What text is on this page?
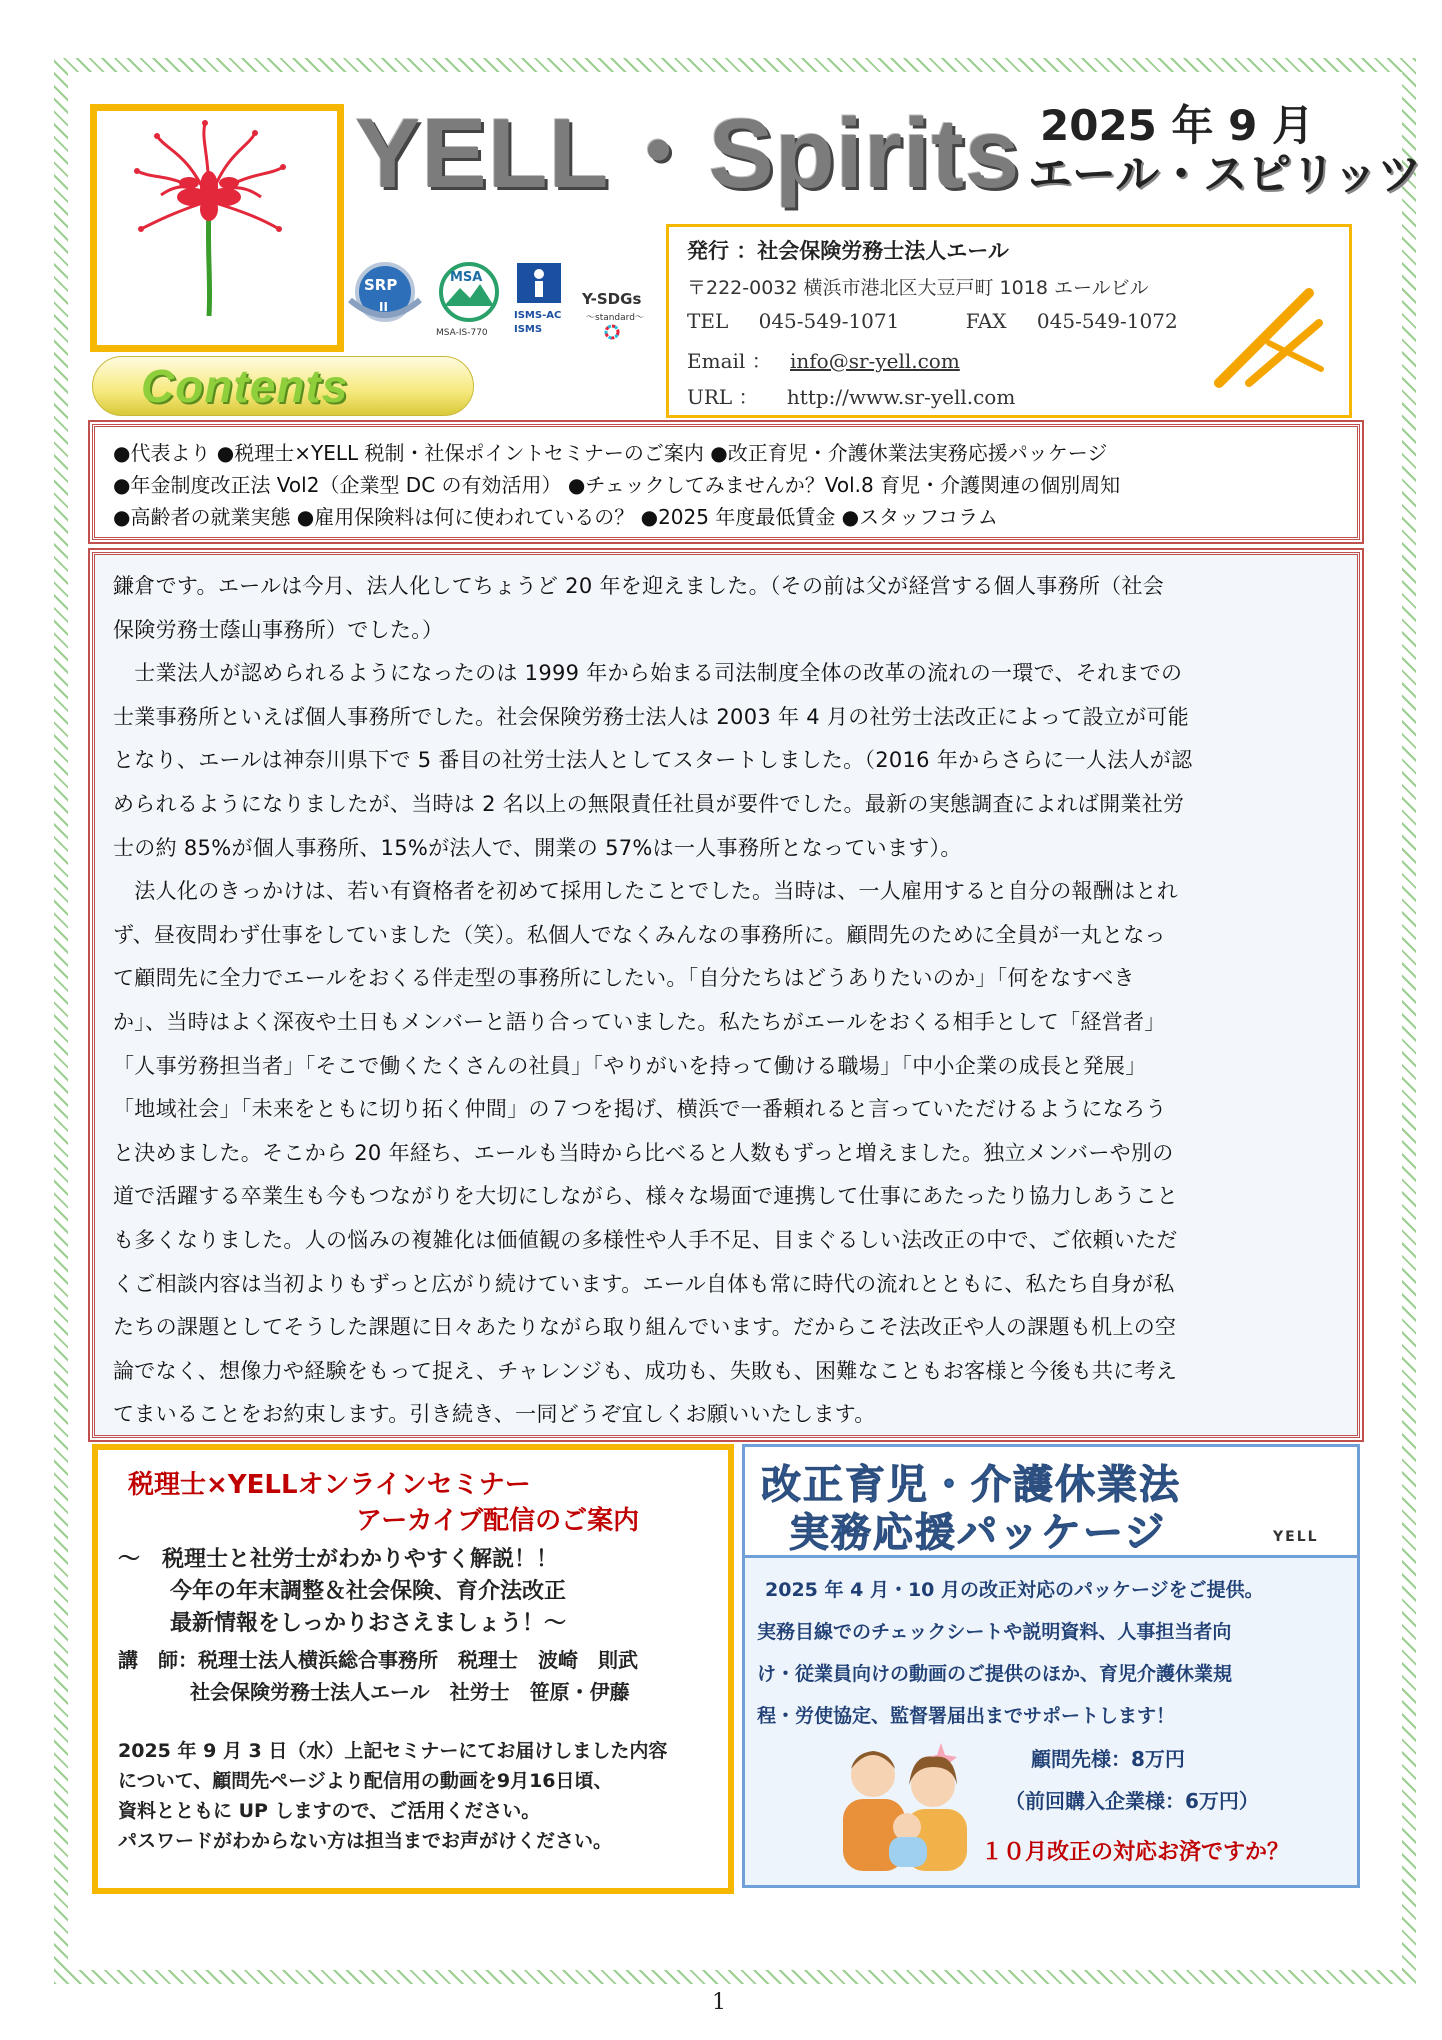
YELL・Spirits 2025 年 9 月
エール・スピリッツ
SRP
II
MSA
MSA-IS-770
ISMS-AC
ISMS
Y-SDGs
～standard～
発行 ：社会保険労務士法人エール
〒222-0032 横浜市港北区大豆戸町 1018 エールビル
TEL 045-549-1071	FAX 045-549-1072
Email ： info@sr-yell.com
URL ： http://www.sr-yell.com
Contents
●代表より ●税理士×YELL 税制・社保ポイントセミナーのご案内 ●改正育児・介護休業法実務応援パッケージ
●年金制度改正法 Vol2（企業型 DC の有効活用） ●チェックしてみませんか？Vol.8 育児・介護関連の個別周知
●高齢者の就業実態 ●雇用保険料は何に使われているの？ ●2025 年度最低賃金 ●スタッフコラム

鎌倉です。エールは今月、法人化してちょうど 20 年を迎えました。（その前は父が経営する個人事務所（社会

保険労務士蔭山事務所）でした。）

　士業法人が認められるようになったのは 1999 年から始まる司法制度全体の改革の流れの一環で、それまでの

士業事務所といえば個人事務所でした。社会保険労務士法人は 2003 年 4 月の社労士法改正によって設立が可能

となり、エールは神奈川県下で 5 番目の社労士法人としてスタートしました。（2016 年からさらに一人法人が認

められるようになりましたが、当時は 2 名以上の無限責任社員が要件でした。最新の実態調査によれば開業社労

士の約 85%が個人事務所、15%が法人で、開業の 57%は一人事務所となっています）。

　法人化のきっかけは、若い有資格者を初めて採用したことでした。当時は、一人雇用すると自分の報酬はとれ

ず、昼夜問わず仕事をしていました（笑）。私個人でなくみんなの事務所に。顧問先のために全員が一丸となっ

て顧問先に全力でエールをおくる伴走型の事務所にしたい。「自分たちはどうありたいのか」「何をなすべき

か」、当時はよく深夜や土日もメンバーと語り合っていました。私たちがエールをおくる相手として「経営者」

「人事労務担当者」「そこで働くたくさんの社員」「やりがいを持って働ける職場」「中小企業の成長と発展」

「地域社会」「未来をともに切り拓く仲間」の７つを掲げ、横浜で一番頼れると言っていただけるようになろう

と決めました。そこから 20 年経ち、エールも当時から比べると人数もずっと増えました。独立メンバーや別の

道で活躍する卒業生も今もつながりを大切にしながら、様々な場面で連携して仕事にあたったり協力しあうこと

も多くなりました。人の悩みの複雑化は価値観の多様性や人手不足、目まぐるしい法改正の中で、ご依頼いただ

くご相談内容は当初よりもずっと広がり続けています。エール自体も常に時代の流れとともに、私たち自身が私

たちの課題としてそうした課題に日々あたりながら取り組んでいます。だからこそ法改正や人の課題も机上の空

論でなく、想像力や経験をもって捉え、チャレンジも、成功も、失敗も、困難なこともお客様と今後も共に考え

てまいることをお約束します。引き続き、一同どうぞ宜しくお願いいたします。

税理士×YELLオンラインセミナー
アーカイブ配信のご案内
～　税理士と社労士がわかりやすく解説！！
今年の年末調整＆社会保険、育介法改正
最新情報をしっかりおさえましょう！～
講　師：税理士法人横浜総合事務所　税理士　波崎　則武
社会保険労務士法人エール　社労士　笹原・伊藤
2025 年 9 月 3 日（水）上記セミナーにてお届けしました内容
について、顧問先ページより配信用の動画を9月16日頃、
資料とともに UP しますので、ご活用ください。
パスワードがわからない方は担当までお声がけください。
改正育児・介護休業法
実務応援パッケージ	YELL
2025 年 4 月・10 月の改正対応のパッケージをご提供。
実務目線でのチェックシートや説明資料、人事担当者向
け・従業員向けの動画のご提供のほか、育児介護休業規
程・労使協定、監督署届出までサポートします！
顧問先様：8万円
（前回購入企業様：6万円）
１０月改正の対応お済ですか？
1
